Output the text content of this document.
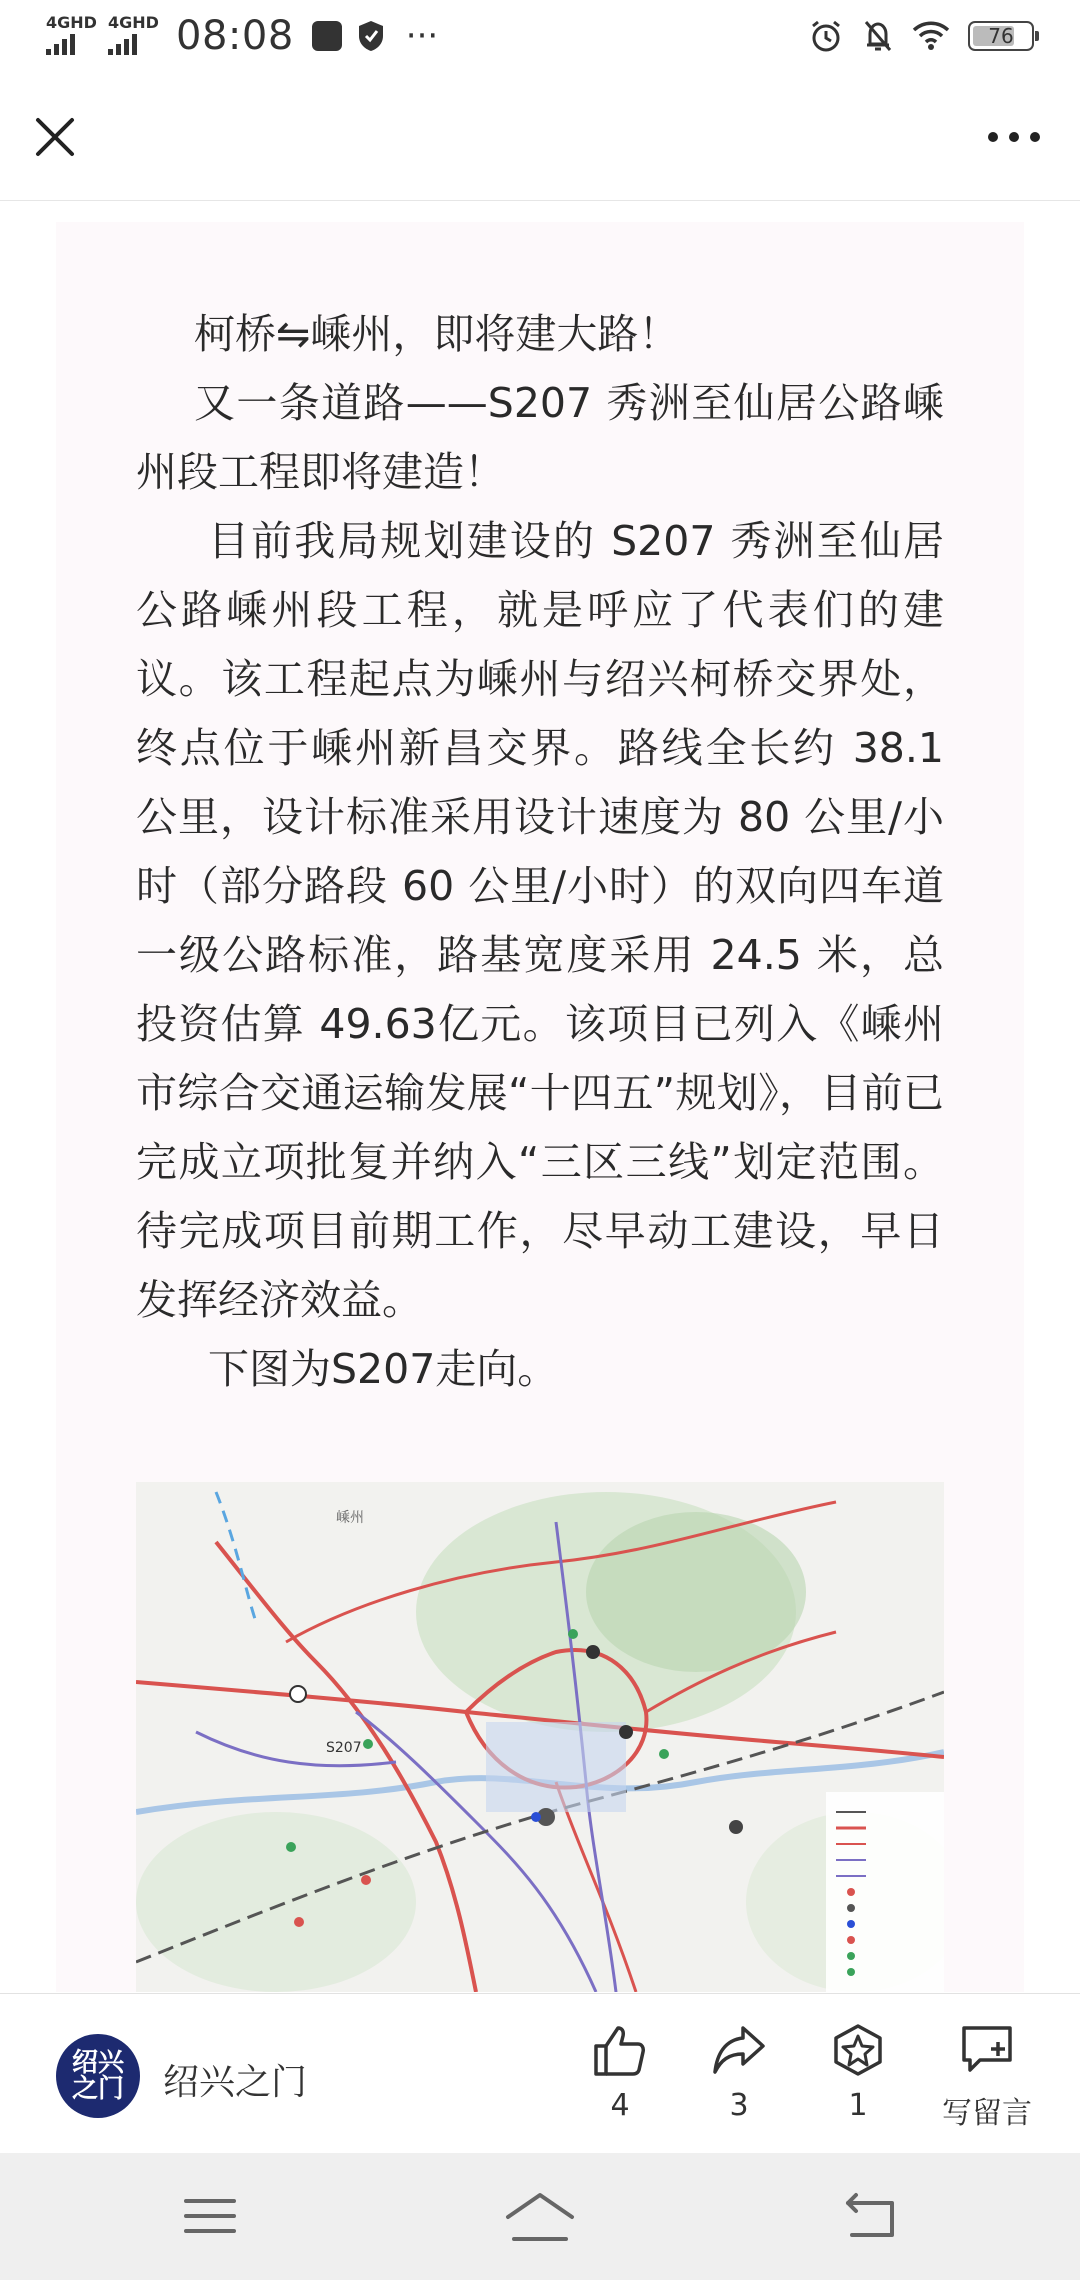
4GHD 4GHD 08:08	···	76

柯桥⇋嵊州，即将建大路！

又一条道路——S207 秀洲至仙居公路嵊州段工程即将建造！

目前我局规划建设的 S207 秀洲至仙居公路嵊州段工程，就是呼应了代表们的建议。该工程起点为嵊州与绍兴柯桥交界处，终点位于嵊州新昌交界。路线全长约 38.1 公里，设计标准采用设计速度为 80 公里/小时（部分路段 60 公里/小时）的双向四车道一级公路标准，路基宽度采用 24.5 米，总投资估算 49.63亿元。该项目已列入《嵊州市综合交通运输发展“十四五”规划》，目前已完成立项批复并纳入“三区三线”划定范围。待完成项目前期工作，尽早动工建设，早日发挥经济效益。

下图为S207走向。

S207
嵊州
绍兴
之门 绍兴之门
4	3	1 写留言
